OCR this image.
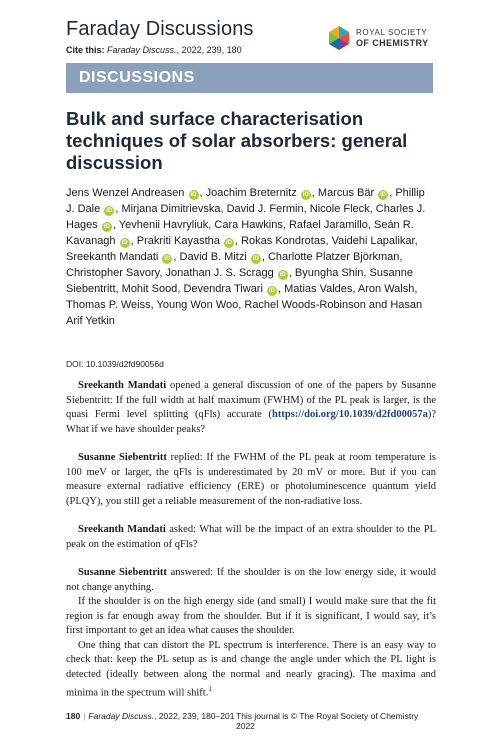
Faraday Discussions
Cite this: Faraday Discuss., 2022, 239, 180
ROYAL SOCIETY
OF CHEMISTRY
DISCUSSIONS
Bulk and surface characterisation techniques of solar absorbers: general discussion
Jens Wenzel Andreasen iD , Joachim Breternitz iD , Marcus Bär iD , Phillip J. Dale iD , Mirjana Dimitrievska, David J. Fermin, Nicole Fleck, Charles J. Hages iD , Yevhenii Havryliuk, Cara Hawkins, Rafael Jaramillo, Seán R. Kavanagh iD , Prakriti Kayastha iD , Rokas Kondrotas, Vaidehi Lapalikar, Sreekanth Mandati iD , David B. Mitzi iD , Charlotte Platzer Björkman, Christopher Savory, Jonathan J. S. Scragg iD , Byungha Shin, Susanne Siebentritt, Mohit Sood, Devendra Tiwari iD , Matias Valdes, Aron Walsh, Thomas P. Weiss, Young Won Woo, Rachel Woods-Robinson and Hasan Arif Yetkin
DOI: 10.1039/d2fd90056d

Sreekanth Mandati opened a general discussion of one of the papers by Susanne Siebentritt: If the full width at half maximum (FWHM) of the PL peak is larger, is the quasi Fermi level splitting (qFls) accurate (https://doi.org/10.1039/d2fd00057a)? What if we have shoulder peaks?

Susanne Siebentritt replied: If the FWHM of the PL peak at room temperature is 100 meV or larger, the qFls is underestimated by 20 mV or more. But if you can measure external radiative efficiency (ERE) or photoluminescence quantum yield (PLQY), you still get a reliable measurement of the non-radiative loss.

Sreekanth Mandati asked: What will be the impact of an extra shoulder to the PL peak on the estimation of qFls?

Susanne Siebentritt answered: If the shoulder is on the low energy side, it would not change anything.

If the shoulder is on the high energy side (and small) I would make sure that the fit region is far enough away from the shoulder. But if it is significant, I would say, it’s first important to get an idea what causes the shoulder.

One thing that can distort the PL spectrum is interference. There is an easy way to check that: keep the PL setup as is and change the angle under which the PL light is detected (ideally between along the normal and nearly gracing). The maxima and minima in the spectrum will shift.$^1$

180 | Faraday Discuss., 2022, 239, 180–201 This journal is © The Royal Society of Chemistry 2022
